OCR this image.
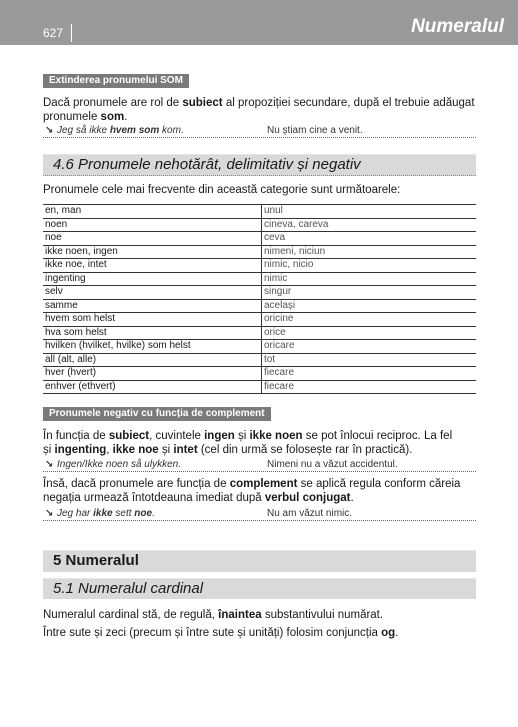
627	Numeralul
Extinderea pronumelui SOM
Dacă pronumele are rol de subiect al propoziției secundare, după el trebuie adăugat pronumele som.
↘ Jeg så ikke hvem som kom.	Nu știam cine a venit.
4.6 Pronumele nehotărât, delimitativ și negativ
Pronumele cele mai frecvente din această categorie sunt următoarele:
en, man	unul
noen	cineva, careva
noe	ceva
ikke noen, ingen	nimeni, niciun
ikke noe, intet	nimic, nicio
ingenting	nimic
selv	singur
samme	același
hvem som helst	oricine
hva som helst	orice
hvilken (hvilket, hvilke) som helst	oricare
all (alt, alle)	tot
hver (hvert)	fiecare
enhver (ethvert)	fiecare
Pronumele negativ cu funcția de complement
În funcția de subiect, cuvintele ingen și ikke noen se pot înlocui reciproc. La fel
și ingenting, ikke noe și intet (cel din urmă se folosește rar în practică).
↘ Ingen/Ikke noen så ulykken.	Nimeni nu a văzut accidentul.
Însă, dacă pronumele are funcția de complement se aplică regula conform căreia
negația urmează întotdeauna imediat după verbul conjugat.
↘ Jeg har ikke sett noe.	Nu am văzut nimic.
5 Numeralul
5.1 Numeralul cardinal
Numeralul cardinal stă, de regulă, înaintea substantivului numărat.
Între sute și zeci (precum și între sute și unități) folosim conjuncția og.
